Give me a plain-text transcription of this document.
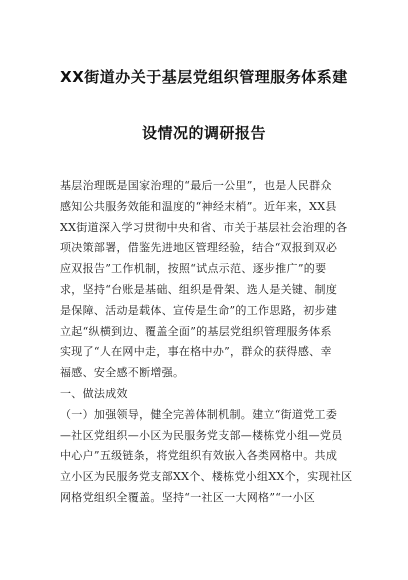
XX街道办关于基层党组织管理服务体系建
设情况的调研报告
基层治理既是国家治理的“最后一公里”，也是人民群众
感知公共服务效能和温度的“神经末梢”。近年来，XX县
XX街道深入学习贯彻中央和省、市关于基层社会治理的各
项决策部署，借鉴先进地区管理经验，结合“双报到双必
应双报告”工作机制，按照“试点示范、逐步推广”的要
求，坚持“台账是基础、组织是骨架、选人是关键、制度
是保障、活动是载体、宣传是生命”的工作思路，初步建
立起“纵横到边、覆盖全面”的基层党组织管理服务体系
实现了“人在网中走，事在格中办”，群众的获得感、幸
福感、安全感不断增强。
一、做法成效
（一）加强领导，健全完善体制机制。建立“街道党工委
—社区党组织—小区为民服务党支部—楼栋党小组—党员
中心户”五级链条，将党组织有效嵌入各类网格中。共成
立小区为民服务党支部XX个、楼栋党小组XX个，实现社区
网格党组织全覆盖。坚持“一社区一大网格”“一小区
